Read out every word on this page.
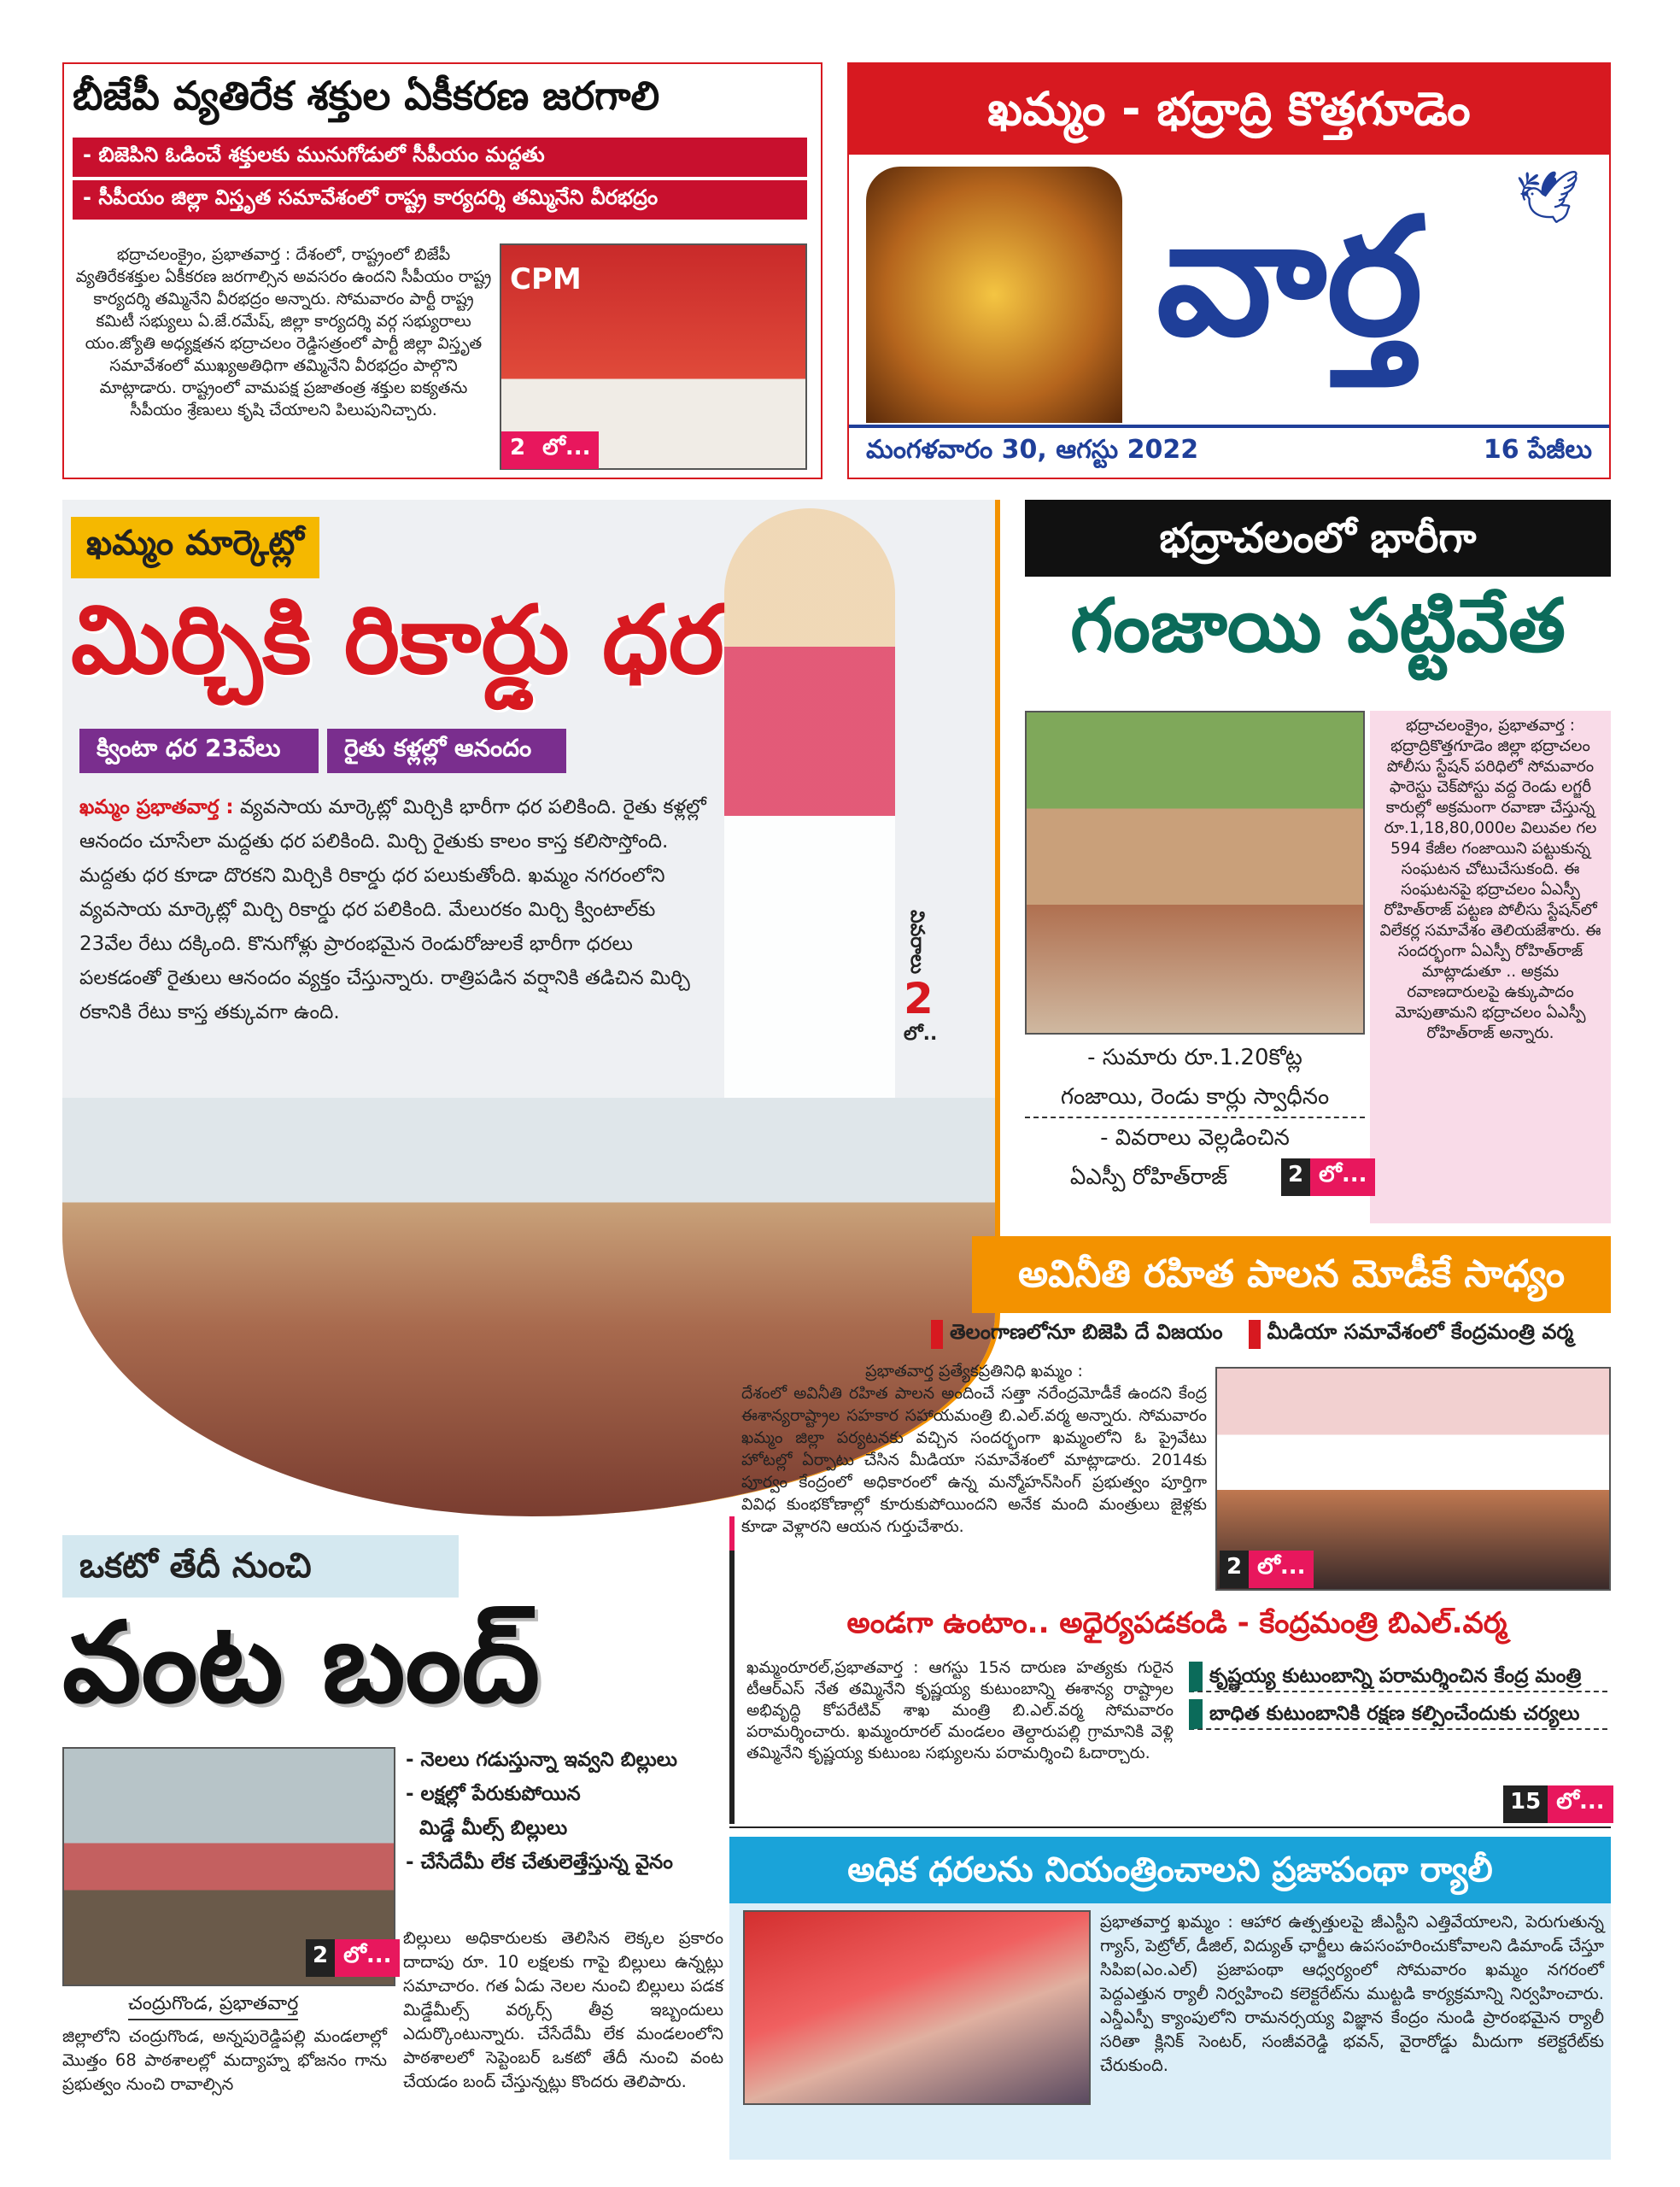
బీజేపీ వ్యతిరేక శక్తుల ఏకీకరణ జరగాలి
- బిజెపిని ఓడించే శక్తులకు మునుగోడులో సీపీయం మద్దతు
- సీపీయం జిల్లా విస్తృత సమావేశంలో రాష్ట్ర కార్యదర్శి తమ్మినేని వీరభద్రం
భద్రాచలంక్రైం, ప్రభాతవార్త : దేశంలో, రాష్ట్రంలో బిజేపీ వ్యతిరేకశక్తుల ఏకీకరణ జరగాల్సిన అవసరం ఉందని సీపీయం రాష్ట్ర కార్యదర్శి తమ్మినేని వీరభద్రం అన్నారు. సోమవారం పార్టీ రాష్ట్ర కమిటీ సభ్యులు ఏ.జే.రమేష్, జిల్లా కార్యదర్శి వర్గ సభ్యురాలు యం.జ్యోతి అధ్యక్షతన భద్రాచలం రెడ్డిసత్రంలో పార్టీ జిల్లా విస్తృత సమావేశంలో ముఖ్యఅతిధిగా తమ్మినేని వీరభద్రం పాల్గొని మాట్లాడారు. రాష్ట్రంలో వామపక్ష ప్రజాతంత్ర శక్తుల ఐక్యతను సీపీయం శ్రేణులు కృషి చేయాలని పిలుపునిచ్చారు.
CPM
2 లో...
ఖమ్మం - భద్రాద్రి కొత్తగూడెం
వార్త 🕊
మంగళవారం 30, ఆగస్టు 2022	16 పేజీలు
ఖమ్మం మార్కెట్లో
మిర్చికి రికార్డు ధర
క్వింటా ధర 23వేలు	రైతు కళ్లల్లో ఆనందం
ఖమ్మం ప్రభాతవార్త : వ్యవసాయ మార్కెట్లో మిర్చికి భారీగా ధర పలికింది. రైతు కళ్లల్లో ఆనందం చూసేలా మద్దతు ధర పలికింది. మిర్చి రైతుకు కాలం కాస్త కలిసొస్తోంది. మద్దతు ధర కూడా దొరకని మిర్చికి రికార్డు ధర పలుకుతోంది. ఖమ్మం నగరంలోని వ్యవసాయ మార్కెట్లో మిర్చి రికార్డు ధర పలికింది. మేలురకం మిర్చి క్వింటాల్‌కు 23వేల రేటు దక్కింది. కొనుగోళ్లు ప్రారంభమైన రెండురోజులకే భారీగా ధరలు పలకడంతో రైతులు ఆనందం వ్యక్తం చేస్తున్నారు. రాత్రిపడిన వర్షానికి తడిచిన మిర్చి రకానికి రేటు కాస్త తక్కువగా ఉంది.
వివరాలు
2
లో..
భద్రాచలంలో భారీగా
గంజాయి పట్టివేత
- సుమారు రూ.1.20కోట్ల
గంజాయి, రెండు కార్లు స్వాధీనం
- వివరాలు వెల్లడించిన
ఏఎస్పీ రోహిత్‌రాజ్	2 లో...
భద్రాచలంక్రైం, ప్రభాతవార్త : భద్రాద్రికొత్తగూడెం జిల్లా భద్రాచలం పోలీసు స్టేషన్ పరిధిలో సోమవారం ఫారెస్టు చెక్‌పోస్టు వద్ద రెండు లగ్జరీ కారుల్లో అక్రమంగా రవాణా చేస్తున్న రూ.1,18,80,000ల విలువల గల 594 కేజీల గంజాయిని పట్టుకున్న సంఘటన చోటుచేసుకంది. ఈ సంఘటనపై భద్రాచలం ఏఎస్పీ రోహిత్‌రాజ్ పట్టణ పోలీసు స్టేషన్‌లో విలేకర్ల సమావేశం తెలియజేశారు. ఈ సందర్భంగా ఏఎస్పీ రోహిత్‌రాజ్ మాట్లాడుతూ .. అక్రమ రవాణదారులపై ఉక్కుపాదం మోపుతామని భద్రాచలం ఏఎస్పీ రోహిత్‌రాజ్ అన్నారు.
అవినీతి రహిత పాలన మోడీకే సాధ్యం
తెలంగాణలోనూ బిజెపి దే విజయం	మీడియా సమావేశంలో కేంద్రమంత్రి వర్మ
ప్రభాతవార్త ప్రత్యేకప్రతినిధి ఖమ్మం :
దేశంలో అవినీతి రహిత పాలన అందించే సత్తా నరేంద్రమోడీకే ఉందని కేంద్ర ఈశాన్యరాష్ట్రాల సహకార సహాయమంత్రి బి.ఎల్.వర్మ అన్నారు. సోమవారం ఖమ్మం జిల్లా పర్యటనకు వచ్చిన సందర్భంగా ఖమ్మంలోని ఓ ప్రైవేటు హోటల్లో ఏర్పాటు చేసిన మీడియా సమావేశంలో మాట్లాడారు. 2014కు పూర్వం కేంద్రంలో అధికారంలో ఉన్న మన్మోహన్‌సింగ్ ప్రభుత్వం పూర్తిగా వివిధ కుంభకోణాల్లో కూరుకుపోయిందని అనేక మంది మంత్రులు జైళ్లకు కూడా వెళ్లారని ఆయన గుర్తుచేశారు.
2 లో...
అండగా ఉంటాం.. అధైర్యపడకండి - కేంద్రమంత్రి బిఎల్.వర్మ
ఖమ్మంరూరల్,ప్రభాతవార్త : ఆగస్టు 15న దారుణ హత్యకు గురైన టీఆర్ఎస్ నేత తమ్మినేని కృష్ణయ్య కుటుంబాన్ని ఈశాన్య రాష్ట్రాల అభివృద్ధి కోపరేటివ్ శాఖ మంత్రి బి.ఎల్.వర్మ సోమవారం పరామర్శించారు. ఖమ్మంరూరల్ మండలం తెల్దారుపల్లి గ్రామానికి వెళ్లి తమ్మినేని కృష్ణయ్య కుటుంబ సభ్యులను పరామర్శించి ఓదార్చారు.
కృష్ణయ్య కుటుంబాన్ని పరామర్శించిన కేంద్ర మంత్రి
బాధిత కుటుంబానికి రక్షణ కల్పించేందుకు చర్యలు
15 లో...
ఒకటో తేదీ నుంచి
వంట బంద్
2 లో...
- నెలలు గడుస్తున్నా ఇవ్వని బిల్లులు
- లక్షల్లో పేరుకుపోయిన
మిడ్డే మీల్స్ బిల్లులు
- చేసేదేమీ లేక చేతులెత్తేస్తున్న వైనం
బిల్లులు అధికారులకు తెలిసిన లెక్కల ప్రకారం దాదాపు రూ. 10 లక్షలకు గాపై బిల్లులు ఉన్నట్లు సమాచారం. గత ఏడు నెలల నుంచి బిల్లులు పడక మిడ్డేమీల్స్ వర్కర్స్ తీవ్ర ఇబ్బందులు ఎదుర్కొంటున్నారు. చేసేదేమీ లేక మండలంలోని పాఠశాలలో సెప్టెంబర్ ఒకటో తేదీ నుంచి వంట చేయడం బంద్ చేస్తున్నట్లు కొందరు తెలిపారు.
చంద్రుగొండ, ప్రభాతవార్త
జిల్లాలోని చంద్రుగొండ, అన్నపురెడ్డిపల్లి మండలాల్లో మొత్తం 68 పాఠశాలల్లో మద్యాహ్న భోజనం గాను ప్రభుత్వం నుంచి రావాల్సిన
అధిక ధరలను నియంత్రించాలని ప్రజాపంథా ర్యాలీ
ప్రభాతవార్త ఖమ్మం : ఆహార ఉత్పత్తులపై జీఎస్టీని ఎత్తివేయాలని, పెరుగుతున్న గ్యాస్, పెట్రోల్, డీజిల్, విద్యుత్ ఛార్జీలు ఉపసంహరించుకోవాలని డిమాండ్ చేస్తూ సిపిఐ(ఎం.ఎల్) ప్రజాపంథా ఆధ్వర్యంలో సోమవారం ఖమ్మం నగరంలో పెద్దఎత్తున ర్యాలీ నిర్వహించి కలెక్టరేట్‌ను ముట్టడి కార్యక్రమాన్ని నిర్వహించారు. ఎన్డీఎస్పీ క్యాంపులోని రామనర్సయ్య విజ్ఞాన కేంద్రం నుండి ప్రారంభమైన ర్యాలీ సరితా క్లినిక్ సెంటర్, సంజీవరెడ్డి భవన్, వైరారోడ్డు మీదుగా కలెక్టరేట్‌కు చేరుకుంది.
